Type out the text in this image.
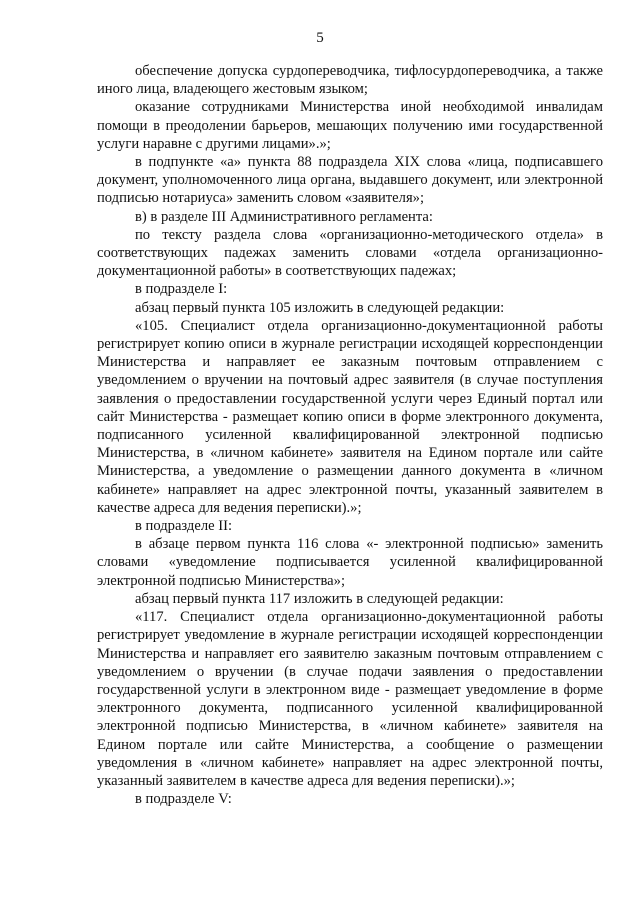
5

обеспечение допуска сурдопереводчика, тифлосурдопереводчика, а также иного лица, владеющего жестовым языком;

оказание сотрудниками Министерства иной необходимой инвалидам помощи в преодолении барьеров, мешающих получению ими государственной услуги наравне с другими лицами».»;

в подпункте «а» пункта 88 подраздела XIX слова «лица, подписавшего документ, уполномоченного лица органа, выдавшего документ, или электронной подписью нотариуса» заменить словом «заявителя»;

в) в разделе III Административного регламента:

по тексту раздела слова «организационно-методического отдела» в соответствующих падежах заменить словами «отдела организационно-документационной работы» в соответствующих падежах;

в подразделе I:

абзац первый пункта 105 изложить в следующей редакции:

«105. Специалист отдела организационно-документационной работы регистрирует копию описи в журнале регистрации исходящей корреспонденции Министерства и направляет ее заказным почтовым отправлением с уведомлением о вручении на почтовый адрес заявителя (в случае поступления заявления о предоставлении государственной услуги через Единый портал или сайт Министерства - размещает копию описи в форме электронного документа, подписанного усиленной квалифицированной электронной подписью Министерства, в «личном кабинете» заявителя на Едином портале или сайте Министерства, а уведомление о размещении данного документа в «личном кабинете» направляет на адрес электронной почты, указанный заявителем в качестве адреса для ведения переписки).»;

в подразделе II:

в абзаце первом пункта 116 слова «- электронной подписью» заменить словами «уведомление подписывается усиленной квалифицированной электронной подписью Министерства»;

абзац первый пункта 117 изложить в следующей редакции:

«117. Специалист отдела организационно-документационной работы регистрирует уведомление в журнале регистрации исходящей корреспонденции Министерства и направляет его заявителю заказным почтовым отправлением с уведомлением о вручении (в случае подачи заявления о предоставлении государственной услуги в электронном виде - размещает уведомление в форме электронного документа, подписанного усиленной квалифицированной электронной подписью Министерства, в «личном кабинете» заявителя на Едином портале или сайте Министерства, а сообщение о размещении уведомления в «личном кабинете» направляет на адрес электронной почты, указанный заявителем в качестве адреса для ведения переписки).»;

в подразделе V:
